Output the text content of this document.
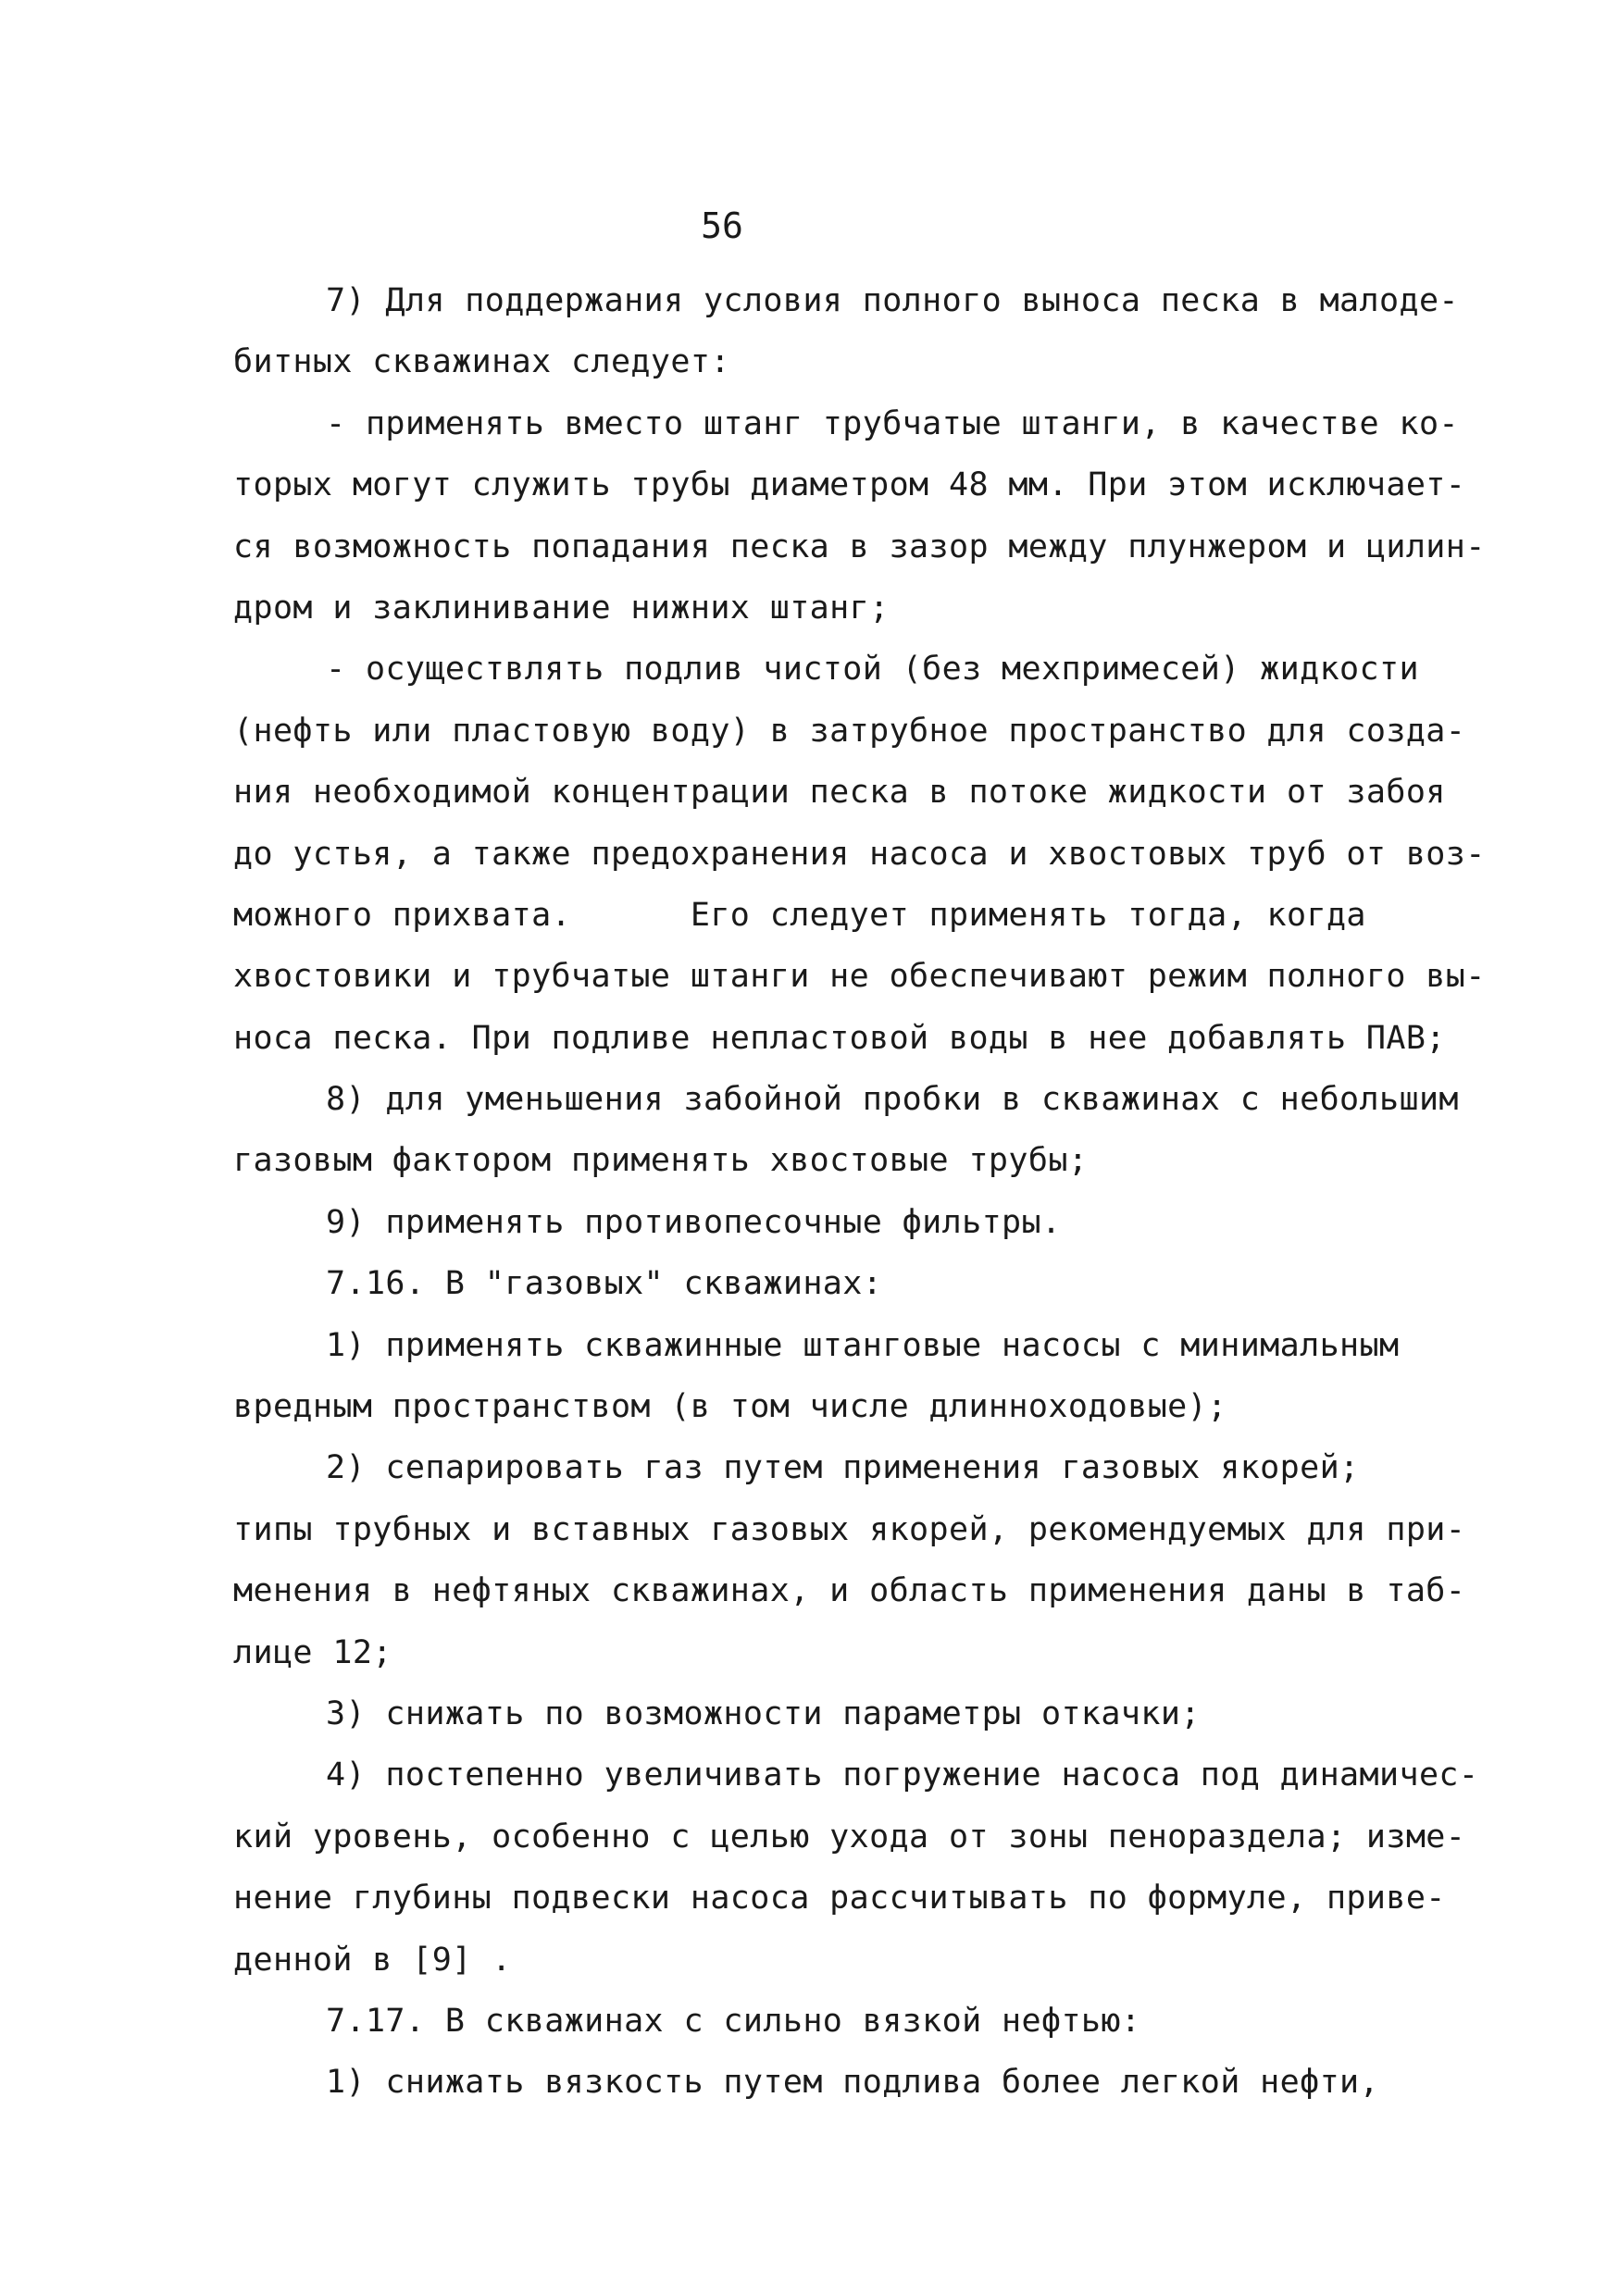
56
7) Для поддержания условия полного выноса песка в малоде-
битных скважинах следует:
- применять вместо штанг трубчатые штанги, в качестве ко-
торых могут служить трубы диаметром 48 мм. При этом исключает-
ся возможность попадания песка в зазор между плунжером и цилин-
дром и заклинивание нижних штанг;
- осуществлять подлив чистой (без мехпримесей) жидкости
(нефть или пластовую воду) в затрубное пространство для созда-
ния необходимой концентрации песка в потоке жидкости от забоя
до устья, а также предохранения насоса и хвостовых труб от воз-
можного прихвата.      Его следует применять тогда, когда
хвостовики и трубчатые штанги не обеспечивают режим полного вы-
носа песка. При подливе непластовой воды в нее добавлять ПАВ;
8) для уменьшения забойной пробки в скважинах с небольшим
газовым фактором применять хвостовые трубы;
9) применять противопесочные фильтры.
7.16. В "газовых" скважинах:
1) применять скважинные штанговые насосы с минимальным
вредным пространством (в том числе длинноходовые);
2) сепарировать газ путем применения газовых якорей;
типы трубных и вставных газовых якорей, рекомендуемых для при-
менения в нефтяных скважинах, и область применения даны в таб-
лице 12;
3) снижать по возможности параметры откачки;
4) постепенно увеличивать погружение насоса под динамичес-
кий уровень, особенно с целью ухода от зоны пенораздела; изме-
нение глубины подвески насоса рассчитывать по формуле, приве-
денной в [9] .
7.17. В скважинах с сильно вязкой нефтью:
1) снижать вязкость путем подлива более легкой нефти,
